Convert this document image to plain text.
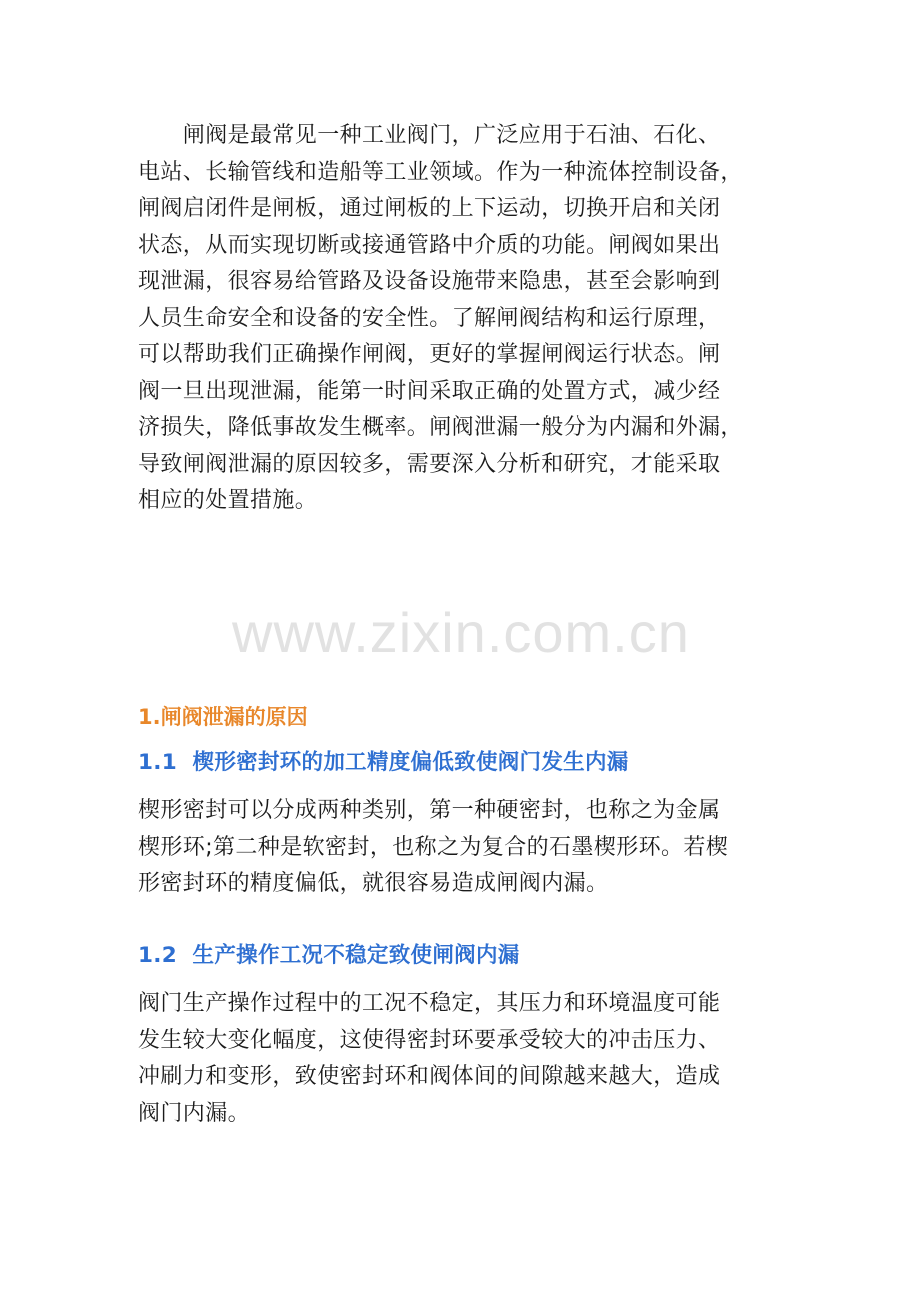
　　闸阀是最常见一种工业阀门，广泛应用于石油、石化、
电站、长输管线和造船等工业领域。作为一种流体控制设备，
闸阀启闭件是闸板，通过闸板的上下运动，切换开启和关闭
状态，从而实现切断或接通管路中介质的功能。闸阀如果出
现泄漏，很容易给管路及设备设施带来隐患，甚至会影响到
人员生命安全和设备的安全性。了解闸阀结构和运行原理，
可以帮助我们正确操作闸阀，更好的掌握闸阀运行状态。闸
阀一旦出现泄漏，能第一时间采取正确的处置方式，减少经
济损失，降低事故发生概率。闸阀泄漏一般分为内漏和外漏，
导致闸阀泄漏的原因较多，需要深入分析和研究，才能采取
相应的处置措施。

www.zixin.com.cn
1.闸阀泄漏的原因
1.1  楔形密封环的加工精度偏低致使阀门发生内漏

楔形密封可以分成两种类别，第一种硬密封，也称之为金属
楔形环;第二种是软密封，也称之为复合的石墨楔形环。若楔
形密封环的精度偏低，就很容易造成闸阀内漏。

1.2  生产操作工况不稳定致使闸阀内漏

阀门生产操作过程中的工况不稳定，其压力和环境温度可能
发生较大变化幅度，这使得密封环要承受较大的冲击压力、
冲刷力和变形，致使密封环和阀体间的间隙越来越大，造成
阀门内漏。
